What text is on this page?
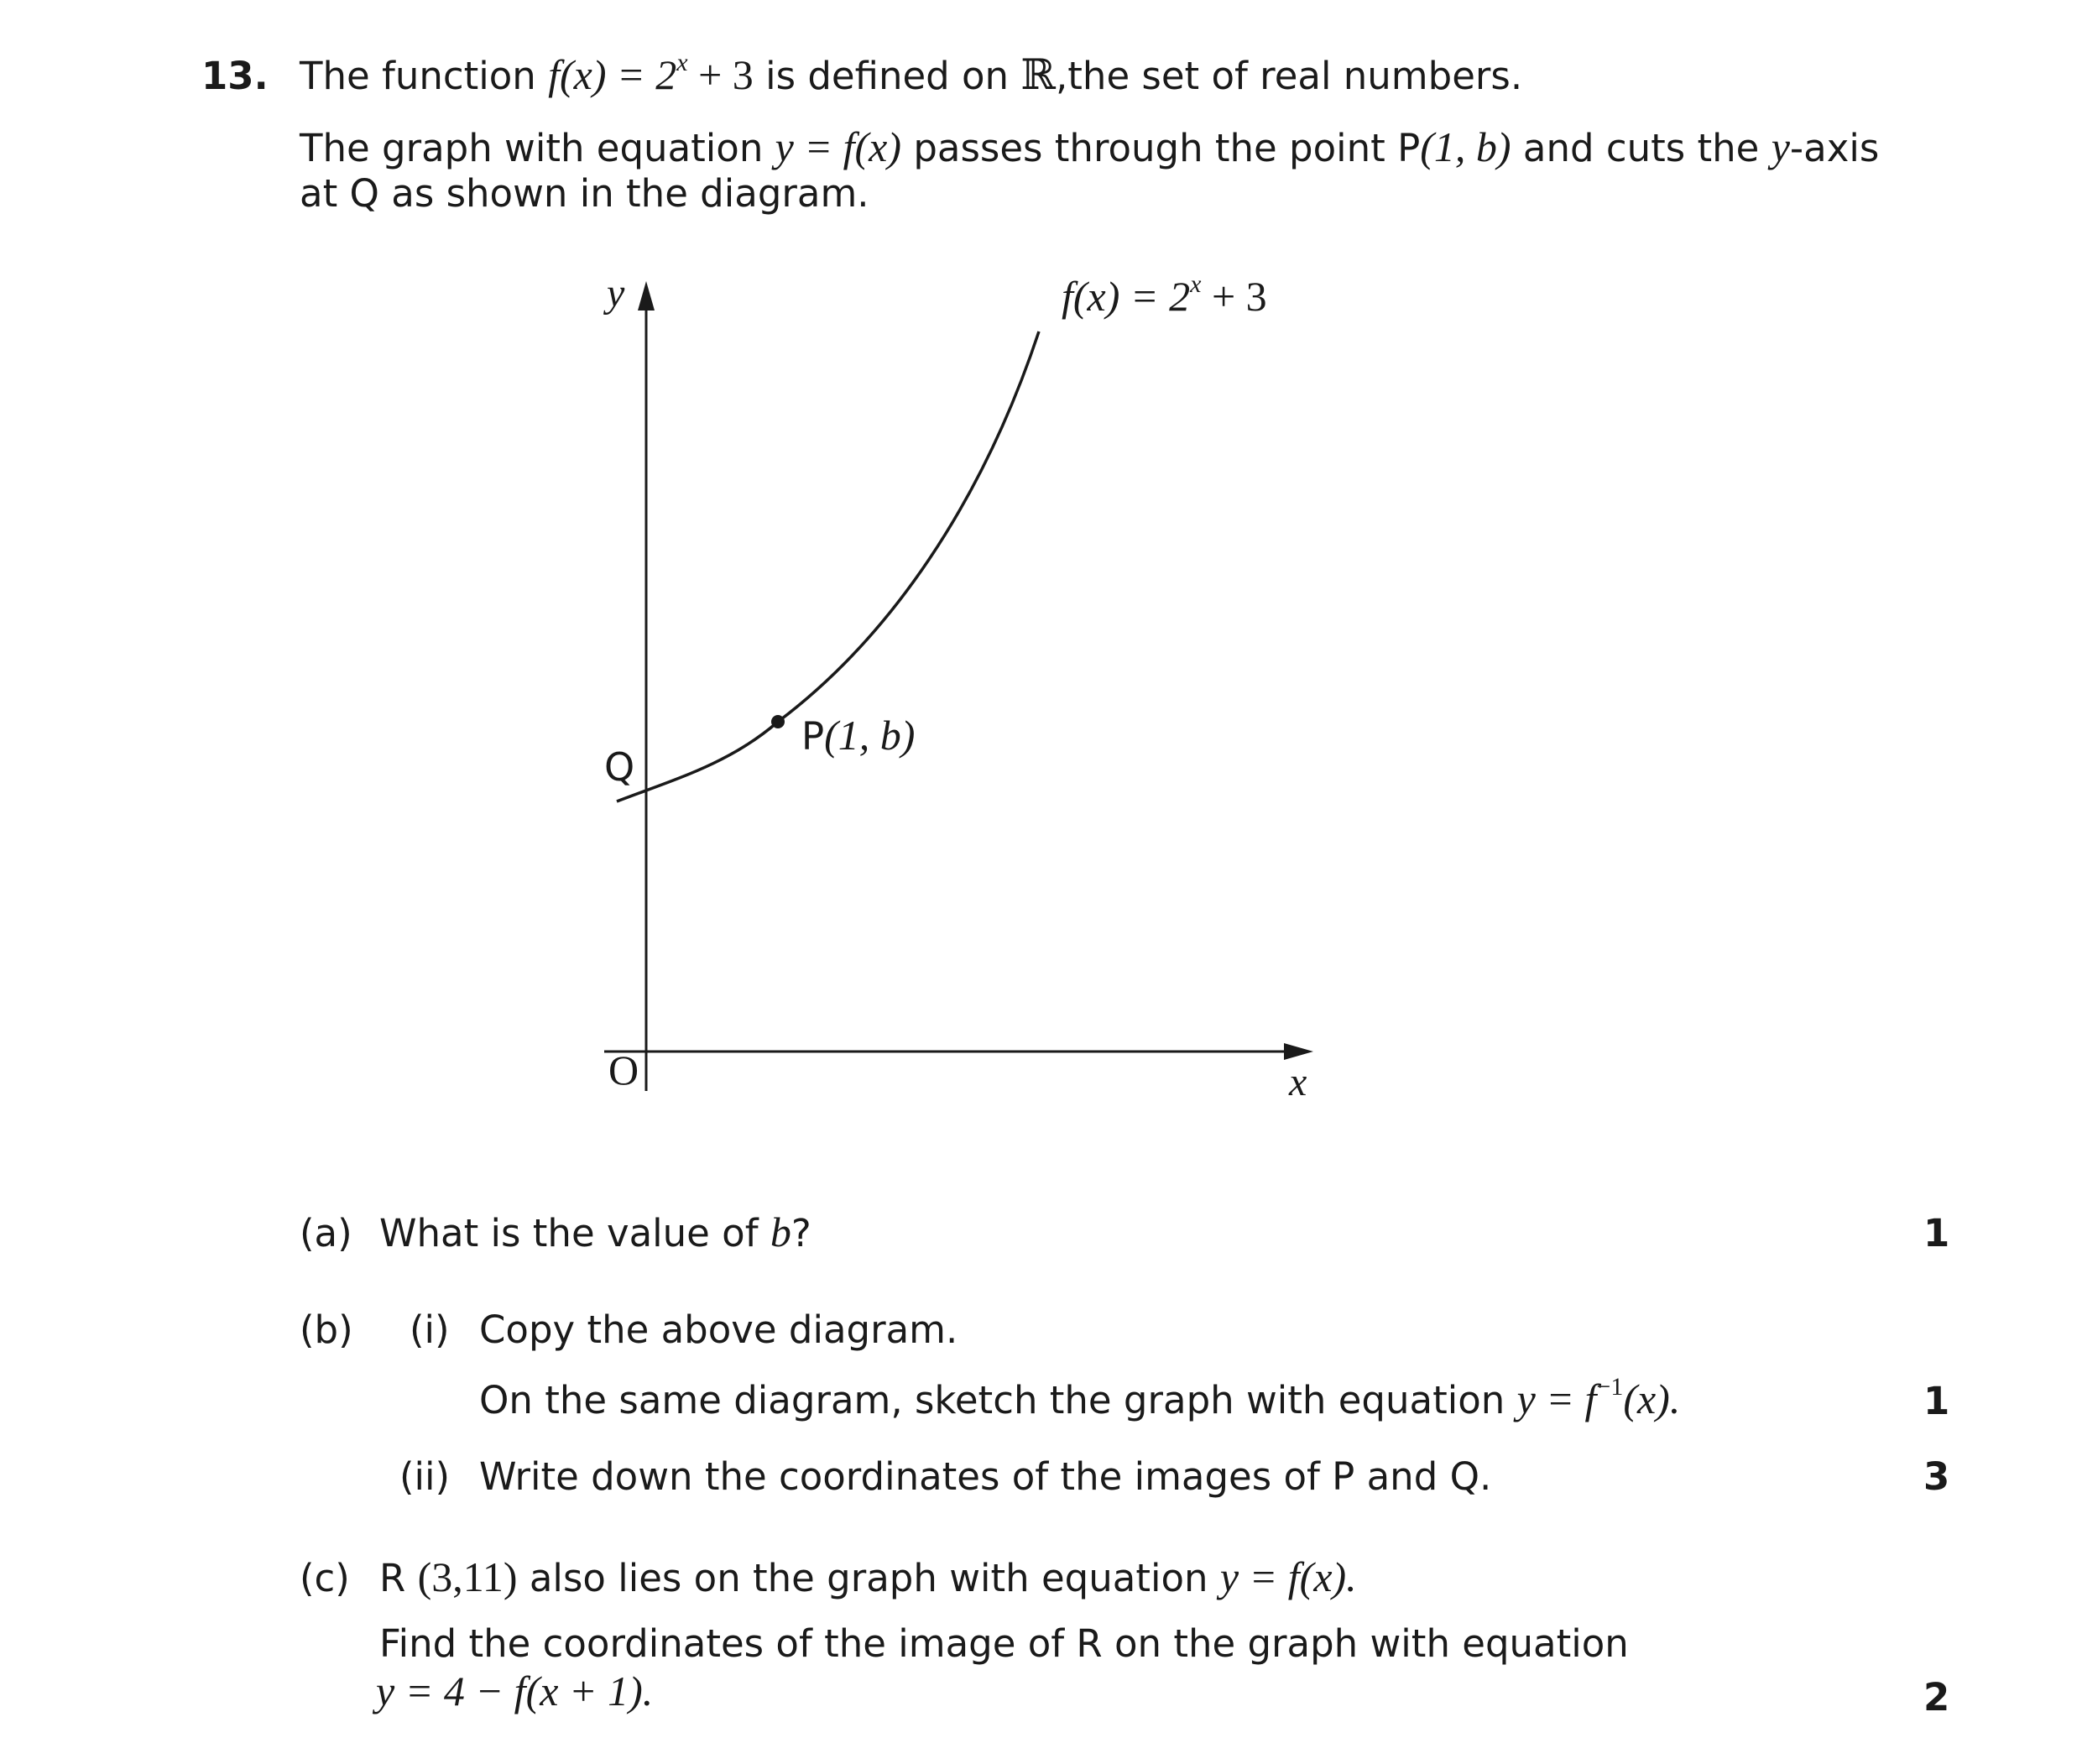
13. The function $f(x) = 2^x + 3$ is defined on ℝ,the set of real numbers.
The graph with equation y = f(x) passes through the point P(1, b) and cuts the y-axis
at Q as shown in the diagram.
y
x
O
Q
P(1, b)
$f(x) = 2^x + 3$
(a) What is the value of b?	1
(b) (i) Copy the above diagram.
On the same diagram, sketch the graph with equation $y = f^{-1}(x)$.	1
(ii) Write down the coordinates of the images of P and Q.	3
(c) R (3,11) also lies on the graph with equation y = f(x).
Find the coordinates of the image of R on the graph with equation
y = 4 − f(x + 1).	2
